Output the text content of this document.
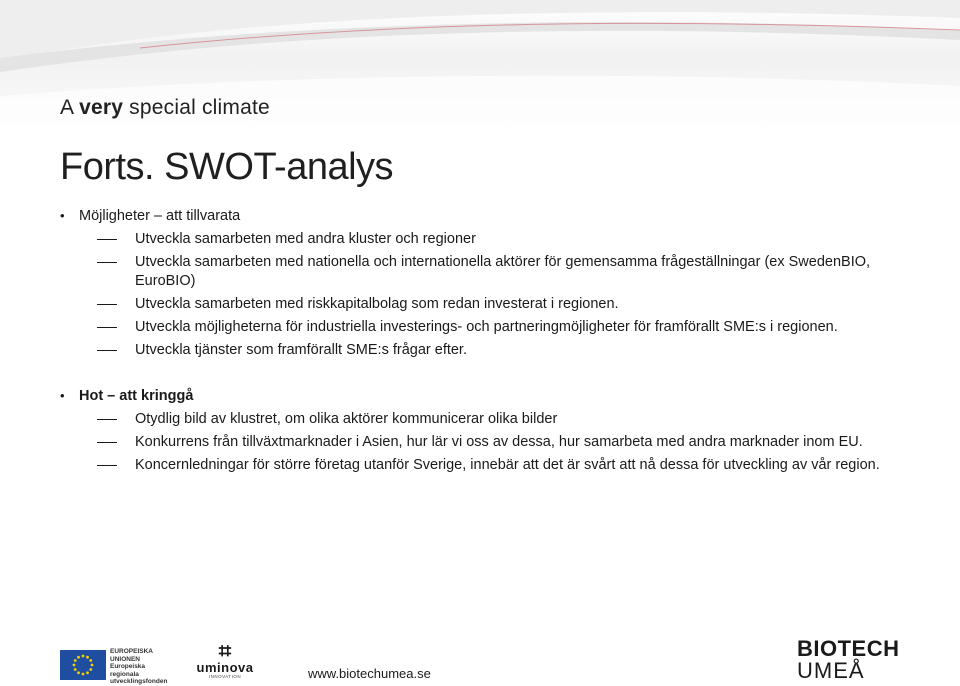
A very special climate
Forts. SWOT-analys
• Möjligheter – att tillvarata
Utveckla samarbeten med andra kluster och regioner
Utveckla samarbeten med nationella och internationella aktörer för gemensamma frågeställningar (ex SwedenBIO, EuroBIO)
Utveckla samarbeten med riskkapitalbolag som redan investerat i regionen.
Utveckla möjligheterna för industriella investerings- och partneringmöjligheter för framförallt SME:s i regionen.
Utveckla tjänster som framförallt SME:s frågar efter.
• Hot – att kringgå
Otydlig bild av klustret, om olika aktörer kommunicerar olika bilder
Konkurrens från tillväxtmarknader i Asien, hur lär vi oss av dessa, hur samarbeta med andra marknader inom EU.
Koncernledningar för större företag utanför Sverige, innebär att det är svårt att nå dessa för utveckling av vår region.
EUROPEISKA
UNIONEN
Europeiska
regionala
utvecklingsfonden
⌗
uminova
INNOVATION	www.biotechumea.se
BIOTECH
UMEÅ
